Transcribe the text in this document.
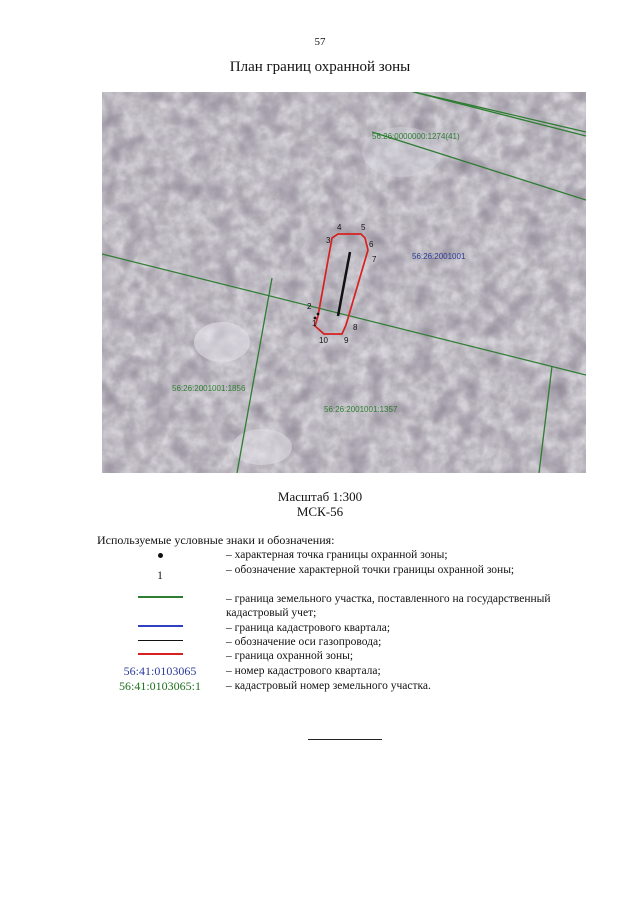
57
План границ охранной зоны
1
2
3
4 5
6
7
8
9
10
56:26:0000000:1274(41)
56:26:2001001
56:26:2001001:1856
56:26:2001001:1357
Масштаб 1:300
МСК-56
Используемые условные знаки и обозначения:
– характерная точка границы охранной зоны;
1	– обозначение характерной точки границы охранной зоны;
– граница земельного участка, поставленного на государственный кадастровый учет;
– граница кадастрового квартала;
– обозначение оси газопровода;
– граница охранной зоны;
56:41:0103065	– номер кадастрового квартала;
56:41:0103065:1	– кадастровый номер земельного участка.
